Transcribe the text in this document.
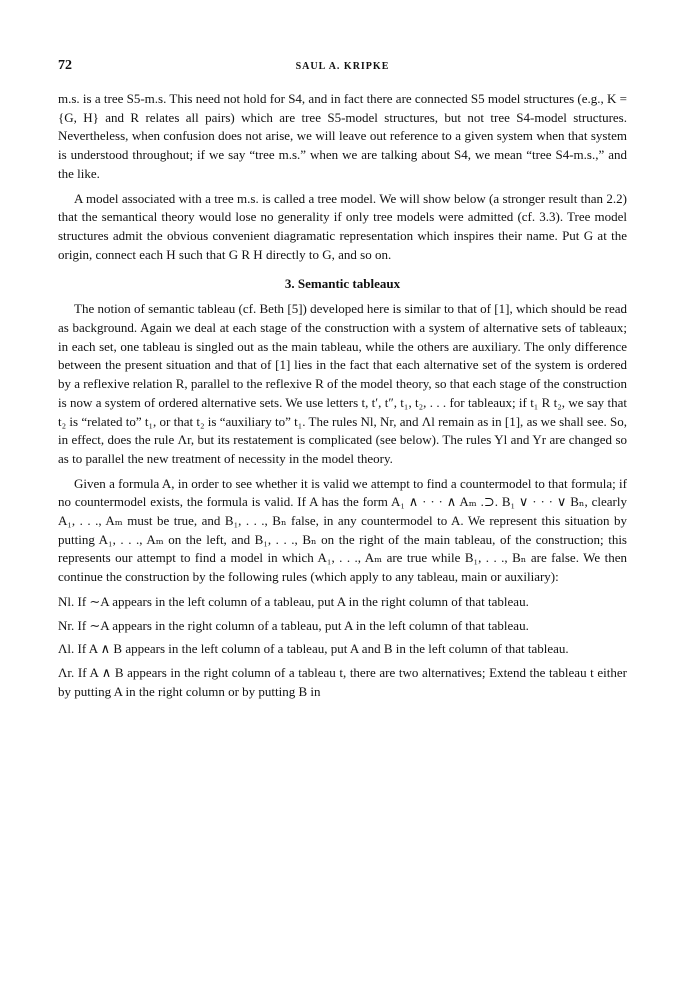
72	SAUL A. KRIPKE

m.s. is a tree S5-m.s. This need not hold for S4, and in fact there are connected S5 model structures (e.g., K = {G, H} and R relates all pairs) which are tree S5-model structures, but not tree S4-model structures. Nevertheless, when confusion does not arise, we will leave out reference to a given system when that system is understood throughout; if we say “tree m.s.” when we are talking about S4, we mean “tree S4-m.s.,” and the like.

A model associated with a tree m.s. is called a tree model. We will show below (a stronger result than 2.2) that the semantical theory would lose no generality if only tree models were admitted (cf. 3.3). Tree model structures admit the obvious convenient diagramatic representation which inspires their name. Put G at the origin, connect each H such that G R H directly to G, and so on.

3. Semantic tableaux

The notion of semantic tableau (cf. Beth [5]) developed here is similar to that of [1], which should be read as background. Again we deal at each stage of the construction with a system of alternative sets of tableaux; in each set, one tableau is singled out as the main tableau, while the others are auxiliary. The only difference between the present situation and that of [1] lies in the fact that each alternative set of the system is ordered by a reflexive relation R, parallel to the reflexive R of the model theory, so that each stage of the construction is now a system of ordered alternative sets. We use letters t, t′, t″, t₁, t₂, . . . for tableaux; if t₁ R t₂, we say that t₂ is “related to” t₁, or that t₂ is “auxiliary to” t₁. The rules Nl, Nr, and Λl remain as in [1], as we shall see. So, in effect, does the rule Λr, but its restatement is complicated (see below). The rules Yl and Yr are changed so as to parallel the new treatment of necessity in the model theory.

Given a formula A, in order to see whether it is valid we attempt to find a countermodel to that formula; if no countermodel exists, the formula is valid. If A has the form A₁ ∧ · · · ∧ Aₘ .⊃. B₁ ∨ · · · ∨ Bₙ, clearly A₁, . . ., Aₘ must be true, and B₁, . . ., Bₙ false, in any countermodel to A. We represent this situation by putting A₁, . . ., Aₘ on the left, and B₁, . . ., Bₙ on the right of the main tableau, of the construction; this represents our attempt to find a model in which A₁, . . ., Aₘ are true while B₁, . . ., Bₙ are false. We then continue the construction by the following rules (which apply to any tableau, main or auxiliary):

Nl. If ∼A appears in the left column of a tableau, put A in the right column of that tableau.

Nr. If ∼A appears in the right column of a tableau, put A in the left column of that tableau.

Λl. If A ∧ B appears in the left column of a tableau, put A and B in the left column of that tableau.

Λr. If A ∧ B appears in the right column of a tableau t, there are two alternatives; Extend the tableau t either by putting A in the right column or by putting B in
